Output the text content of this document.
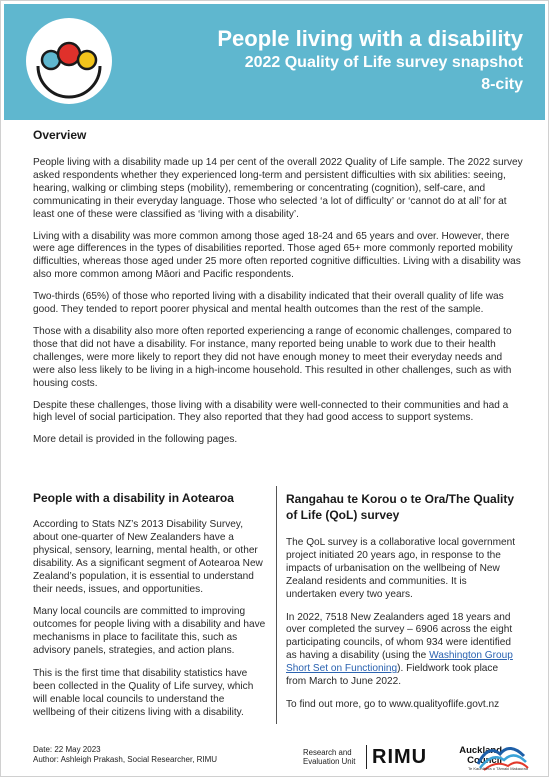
People living with a disability
2022 Quality of Life survey snapshot
8-city
Overview

People living with a disability made up 14 per cent of the overall 2022 Quality of Life sample. The 2022 survey asked respondents whether they experienced long-term and persistent difficulties with six abilities: seeing, hearing, walking or climbing steps (mobility), remembering or concentrating (cognition), self-care, and communicating in their everyday language. Those who selected ‘a lot of difficulty’ or ‘cannot do at all’ for at least one of these were classified as ‘living with a disability’.

Living with a disability was more common among those aged 18-24 and 65 years and over. However, there were age differences in the types of disabilities reported. Those aged 65+ more commonly reported mobility difficulties, whereas those aged under 25 more often reported cognitive difficulties. Living with a disability was also more common among Māori and Pacific respondents.

Two-thirds (65%) of those who reported living with a disability indicated that their overall quality of life was good. They tended to report poorer physical and mental health outcomes than the rest of the sample.

Those with a disability also more often reported experiencing a range of economic challenges, compared to those that did not have a disability. For instance, many reported being unable to work due to their health challenges, were more likely to report they did not have enough money to meet their everyday needs and were also less likely to be living in a high-income household. This resulted in other challenges, such as with housing costs.

Despite these challenges, those living with a disability were well-connected to their communities and had a high level of social participation. They also reported that they had good access to support systems.

More detail is provided in the following pages.

People with a disability in Aotearoa

According to Stats NZ’s 2013 Disability Survey, about one-quarter of New Zealanders have a physical, sensory, learning, mental health, or other disability. As a significant segment of Aotearoa New Zealand’s population, it is essential to understand their needs, issues, and opportunities.

Many local councils are committed to improving outcomes for people living with a disability and have mechanisms in place to facilitate this, such as advisory panels, strategies, and action plans.

This is the first time that disability statistics have been collected in the Quality of Life survey, which will enable local councils to understand the wellbeing of their citizens living with a disability.

Rangahau te Korou o te Ora/The Quality of Life (QoL) survey

The QoL survey is a collaborative local government project initiated 20 years ago, in response to the impacts of urbanisation on the wellbeing of New Zealand residents and communities. It is undertaken every two years.

In 2022, 7518 New Zealanders aged 18 years and over completed the survey – 6906 across the eight participating councils, of whom 934 were identified as having a disability (using the Washington Group Short Set on Functioning). Fieldwork took place from March to June 2022.

To find out more, go to www.qualityoflife.govt.nz

Date: 22 May 2023
Author: Ashleigh Prakash, Social Researcher, RIMU
Research and
Evaluation Unit RIMU	Auckland
Council
Te Kaunihera o Tāmaki Makaurau
